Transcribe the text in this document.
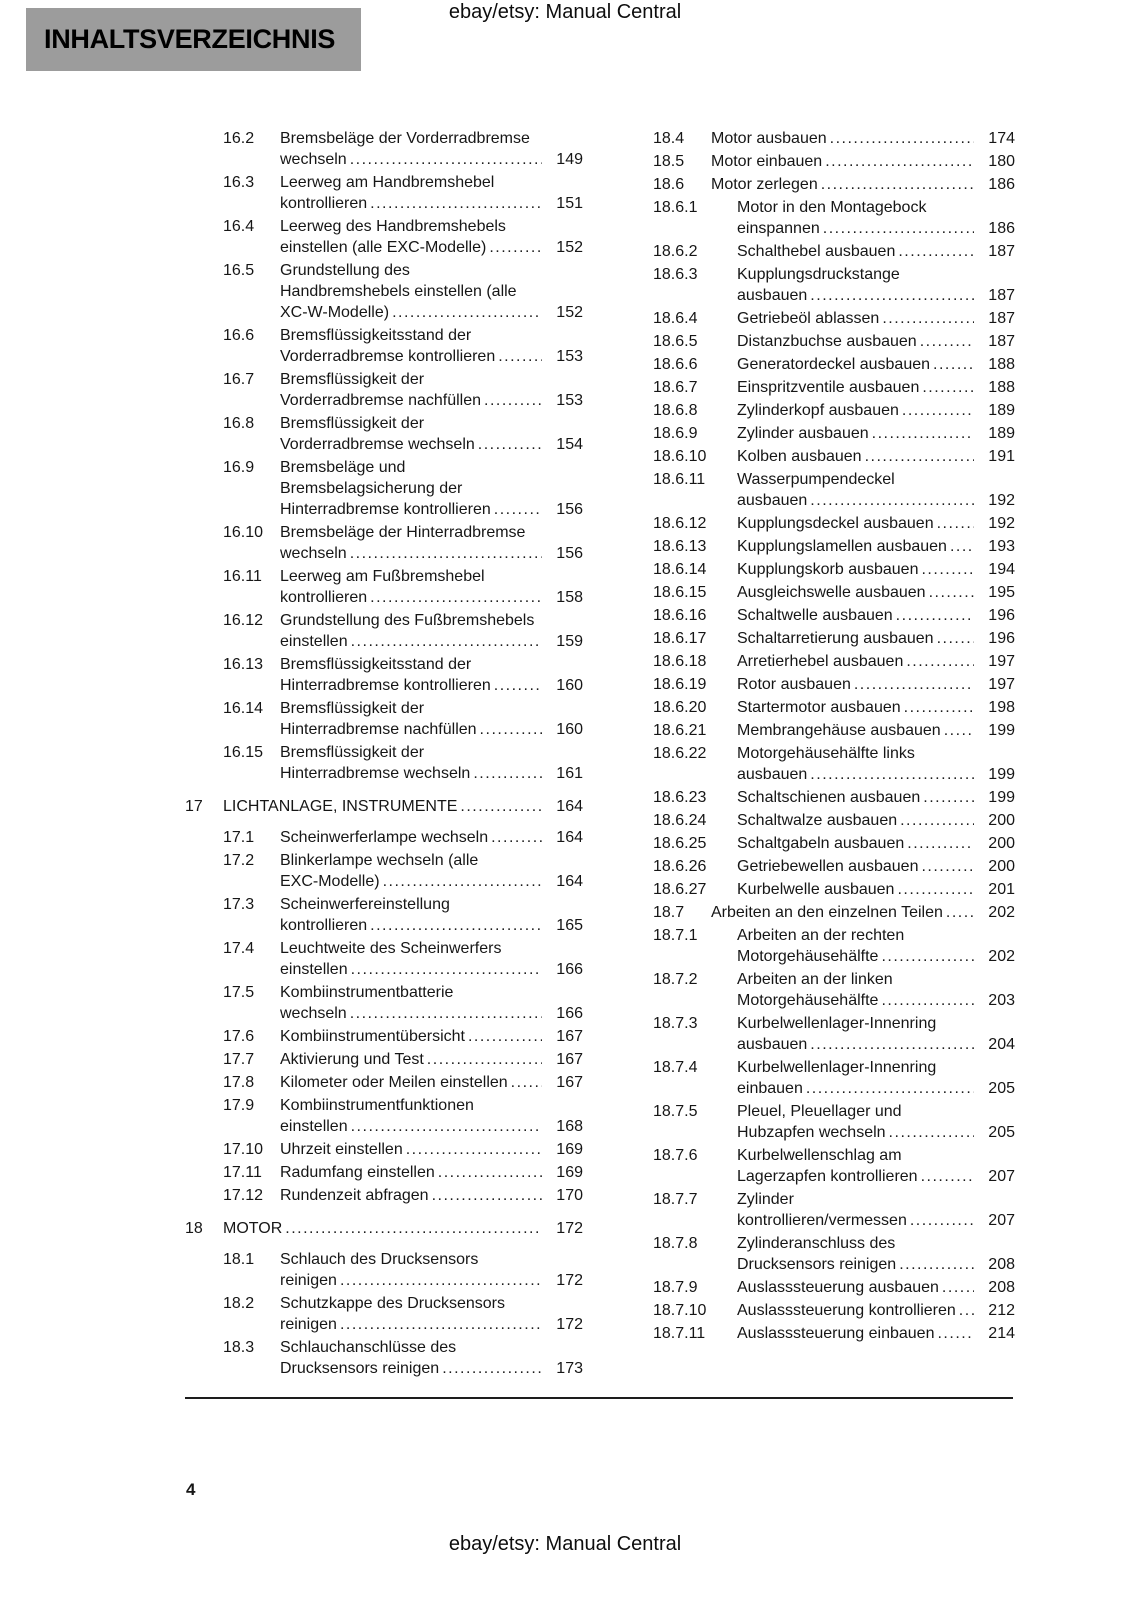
ebay/etsy: Manual Central
INHALTSVERZEICHNIS
16.2	Bremsbeläge der Vorderradbremse
wechseln .....	149
16.3	Leerweg am Handbremshebel
kontrollieren .....	151
16.4	Leerweg des Handbremshebels
einstellen (alle EXC-Modelle) .....	152
16.5	Grundstellung des
Handbremshebels einstellen (alle
XC-W-Modelle) .....	152
16.6	Bremsflüssigkeitsstand der
Vorderradbremse kontrollieren .....	153
16.7	Bremsflüssigkeit der
Vorderradbremse nachfüllen .....	153
16.8	Bremsflüssigkeit der
Vorderradbremse wechseln .....	154
16.9	Bremsbeläge und
Bremsbelagsicherung der
Hinterradbremse kontrollieren .....	156
16.10	Bremsbeläge der Hinterradbremse
wechseln .....	156
16.11	Leerweg am Fußbremshebel
kontrollieren .....	158
16.12	Grundstellung des Fußbremshebels
einstellen .....	159
16.13	Bremsflüssigkeitsstand der
Hinterradbremse kontrollieren .....	160
16.14	Bremsflüssigkeit der
Hinterradbremse nachfüllen .....	160
16.15	Bremsflüssigkeit der
Hinterradbremse wechseln .....	161
17	LICHTANLAGE, INSTRUMENTE .....	164
17.1	Scheinwerferlampe wechseln .....	164
17.2	Blinkerlampe wechseln (alle
EXC-Modelle) .....	164
17.3	Scheinwerfereinstellung
kontrollieren .....	165
17.4	Leuchtweite des Scheinwerfers
einstellen .....	166
17.5	Kombiinstrumentbatterie
wechseln .....	166
17.6	Kombiinstrumentübersicht .....	167
17.7	Aktivierung und Test .....	167
17.8	Kilometer oder Meilen einstellen .....	167
17.9	Kombiinstrumentfunktionen
einstellen .....	168
17.10	Uhrzeit einstellen .....	169
17.11	Radumfang einstellen .....	169
17.12	Rundenzeit abfragen .....	170
18	MOTOR .....	172
18.1	Schlauch des Drucksensors
reinigen .....	172
18.2	Schutzkappe des Drucksensors
reinigen .....	172
18.3	Schlauchanschlüsse des
Drucksensors reinigen .....	173
18.4	Motor ausbauen .....	174
18.5	Motor einbauen .....	180
18.6	Motor zerlegen .....	186
18.6.1	Motor in den Montagebock
einspannen .....	186
18.6.2	Schalthebel ausbauen .....	187
18.6.3	Kupplungsdruckstange
ausbauen .....	187
18.6.4	Getriebeöl ablassen .....	187
18.6.5	Distanzbuchse ausbauen .....	187
18.6.6	Generatordeckel ausbauen .....	188
18.6.7	Einspritzventile ausbauen .....	188
18.6.8	Zylinderkopf ausbauen .....	189
18.6.9	Zylinder ausbauen .....	189
18.6.10	Kolben ausbauen .....	191
18.6.11	Wasserpumpendeckel
ausbauen .....	192
18.6.12	Kupplungsdeckel ausbauen .....	192
18.6.13	Kupplungslamellen ausbauen .....	193
18.6.14	Kupplungskorb ausbauen .....	194
18.6.15	Ausgleichswelle ausbauen .....	195
18.6.16	Schaltwelle ausbauen .....	196
18.6.17	Schaltarretierung ausbauen .....	196
18.6.18	Arretierhebel ausbauen .....	197
18.6.19	Rotor ausbauen .....	197
18.6.20	Startermotor ausbauen .....	198
18.6.21	Membrangehäuse ausbauen .....	199
18.6.22	Motorgehäusehälfte links
ausbauen .....	199
18.6.23	Schaltschienen ausbauen .....	199
18.6.24	Schaltwalze ausbauen .....	200
18.6.25	Schaltgabeln ausbauen .....	200
18.6.26	Getriebewellen ausbauen .....	200
18.6.27	Kurbelwelle ausbauen .....	201
18.7	Arbeiten an den einzelnen Teilen .....	202
18.7.1	Arbeiten an der rechten
Motorgehäusehälfte .....	202
18.7.2	Arbeiten an der linken
Motorgehäusehälfte .....	203
18.7.3	Kurbelwellenlager-Innenring
ausbauen .....	204
18.7.4	Kurbelwellenlager-Innenring
einbauen .....	205
18.7.5	Pleuel, Pleuellager und
Hubzapfen wechseln .....	205
18.7.6	Kurbelwellenschlag am
Lagerzapfen kontrollieren .....	207
18.7.7	Zylinder
kontrollieren/vermessen .....	207
18.7.8	Zylinderanschluss des
Drucksensors reinigen .....	208
18.7.9	Auslasssteuerung ausbauen .....	208
18.7.10	Auslasssteuerung kontrollieren .....	212
18.7.11	Auslasssteuerung einbauen .....	214
4
ebay/etsy: Manual Central
